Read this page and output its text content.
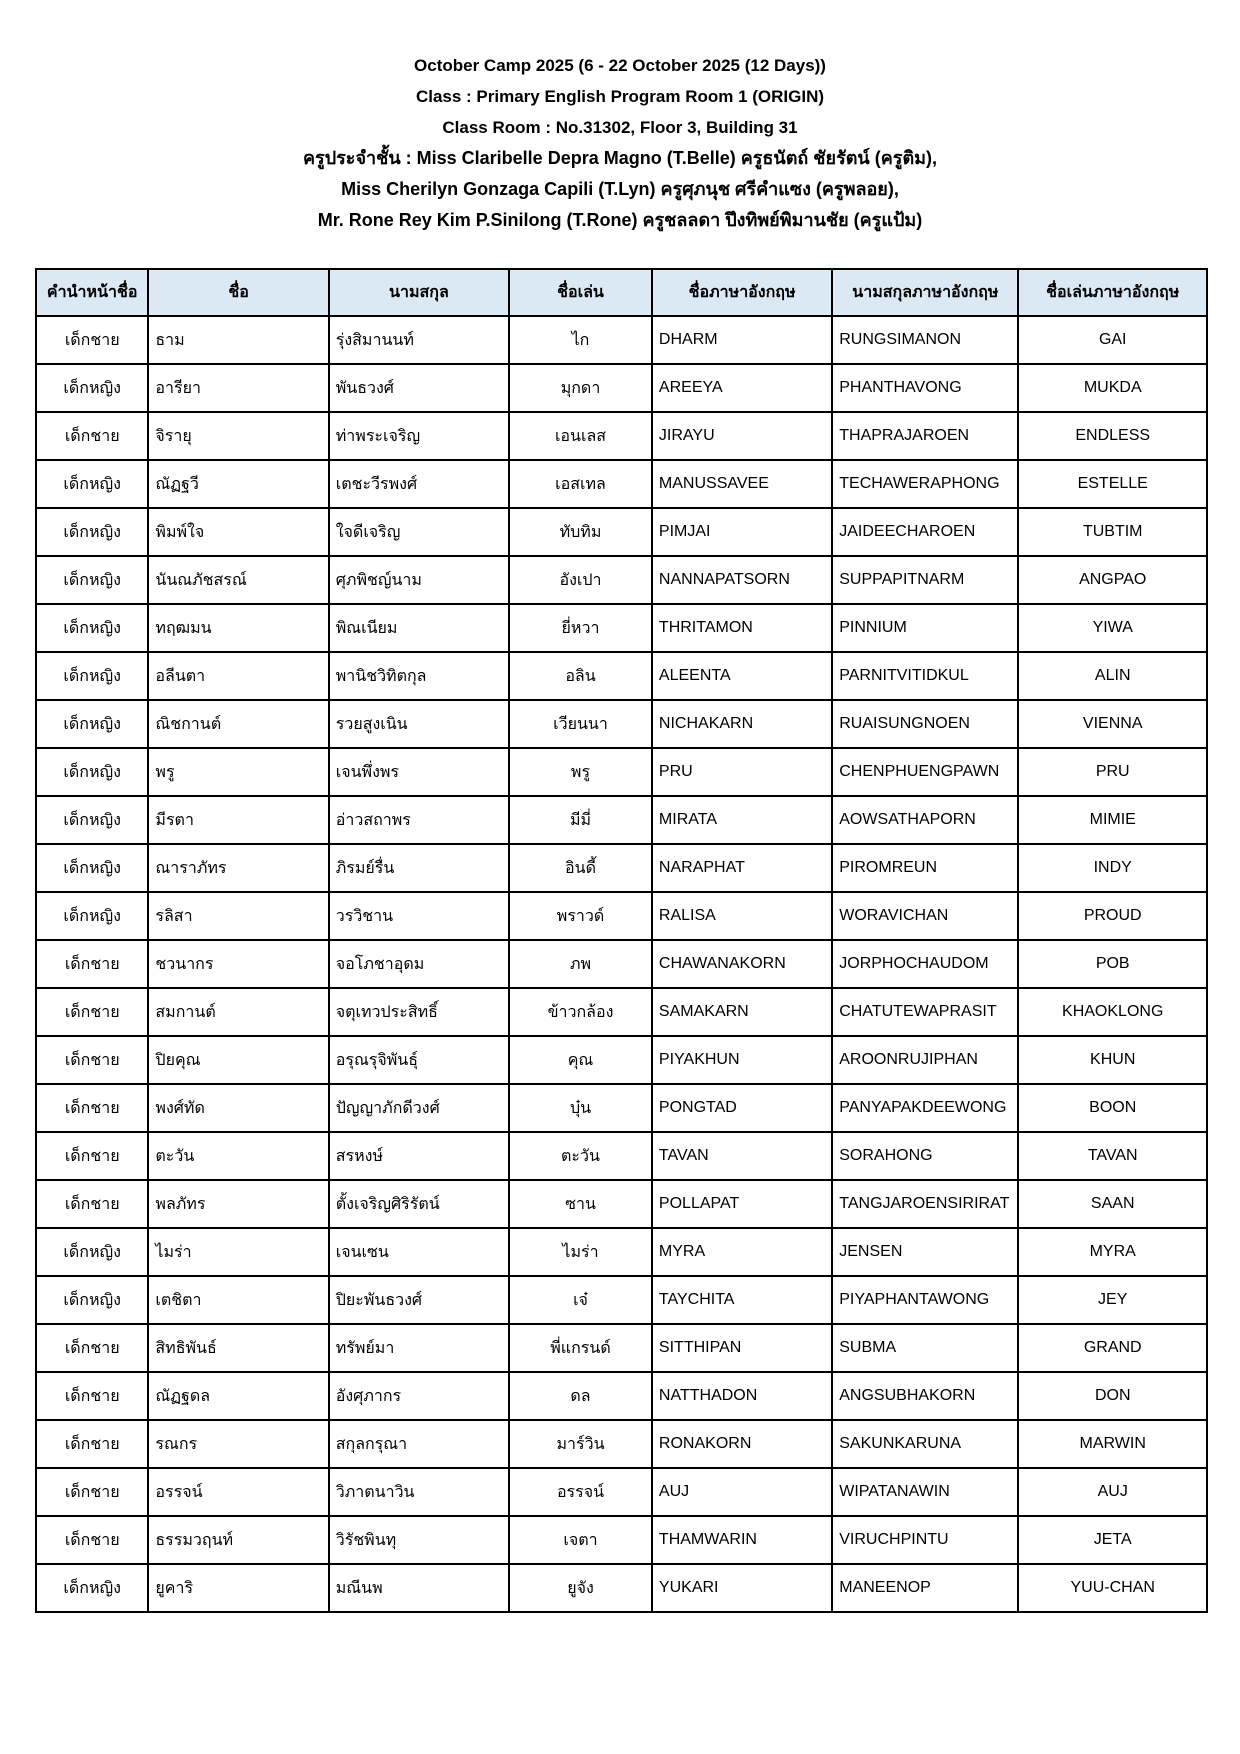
October Camp 2025 (6 - 22 October 2025 (12 Days))
Class : Primary English Program Room 1 (ORIGIN)
Class Room : No.31302, Floor 3, Building 31
ครูประจำชั้น : Miss Claribelle Depra Magno (T.Belle) ครูธนัตถ์ ชัยรัตน์ (ครูติม),
Miss Cherilyn Gonzaga Capili (T.Lyn) ครูศุภนุช ศรีคำแซง (ครูพลอย),
Mr. Rone Rey Kim P.Sinilong (T.Rone) ครูชลลดา ปึงทิพย์พิมานชัย (ครูแป้ม)
คำนำหน้าชื่อ	ชื่อ	นามสกุล	ชื่อเล่น	ชื่อภาษาอังกฤษ	นามสกุลภาษาอังกฤษ	ชื่อเล่นภาษาอังกฤษ
เด็กชาย	ธาม	รุ่งสิมานนท์	ไก	DHARM	RUNGSIMANON	GAI
เด็กหญิง	อารียา	พันธวงศ์	มุกดา	AREEYA	PHANTHAVONG	MUKDA
เด็กชาย	จิรายุ	ท่าพระเจริญ	เอนเลส	JIRAYU	THAPRAJAROEN	ENDLESS
เด็กหญิง	ณัฏฐวี	เตชะวีรพงศ์	เอสเทล	MANUSSAVEE	TECHAWERAPHONG	ESTELLE
เด็กหญิง	พิมพ์ใจ	ใจดีเจริญ	ทับทิม	PIMJAI	JAIDEECHAROEN	TUBTIM
เด็กหญิง	นันณภัชสรณ์	ศุภพิชญ์นาม	อังเปา	NANNAPATSORN	SUPPAPITNARM	ANGPAO
เด็กหญิง	ทฤฒมน	พิณเนียม	ยี่หวา	THRITAMON	PINNIUM	YIWA
เด็กหญิง	อลีนตา	พานิชวิทิตกุล	อลิน	ALEENTA	PARNITVITIDKUL	ALIN
เด็กหญิง	ณิชกานต์	รวยสูงเนิน	เวียนนา	NICHAKARN	RUAISUNGNOEN	VIENNA
เด็กหญิง	พรู	เจนพึ่งพร	พรู	PRU	CHENPHUENGPAWN	PRU
เด็กหญิง	มีรตา	อ่าวสถาพร	มีมี่	MIRATA	AOWSATHAPORN	MIMIE
เด็กหญิง	ณาราภัทร	ภิรมย์รื่น	อินดี้	NARAPHAT	PIROMREUN	INDY
เด็กหญิง	รลิสา	วรวิชาน	พราวด์	RALISA	WORAVICHAN	PROUD
เด็กชาย	ชวนากร	จอโภชาอุดม	ภพ	CHAWANAKORN	JORPHOCHAUDOM	POB
เด็กชาย	สมกานต์	จตุเทวประสิทธิ์	ข้าวกล้อง	SAMAKARN	CHATUTEWAPRASIT	KHAOKLONG
เด็กชาย	ปิยคุณ	อรุณรุจิพันธุ์	คุณ	PIYAKHUN	AROONRUJIPHAN	KHUN
เด็กชาย	พงศ์ทัด	ปัญญาภักดีวงศ์	บุ๋น	PONGTAD	PANYAPAKDEEWONG	BOON
เด็กชาย	ตะวัน	สรหงษ์	ตะวัน	TAVAN	SORAHONG	TAVAN
เด็กชาย	พลภัทร	ตั้งเจริญศิริรัตน์	ซาน	POLLAPAT	TANGJAROENSIRIRAT	SAAN
เด็กหญิง	ไมร่า	เจนเซน	ไมร่า	MYRA	JENSEN	MYRA
เด็กหญิง	เตชิตา	ปิยะพันธวงศ์	เจ๋	TAYCHITA	PIYAPHANTAWONG	JEY
เด็กชาย	สิทธิพันธ์	ทรัพย์มา	พี่แกรนด์	SITTHIPAN	SUBMA	GRAND
เด็กชาย	ณัฏฐดล	อังศุภากร	ดล	NATTHADON	ANGSUBHAKORN	DON
เด็กชาย	รณกร	สกุลกรุณา	มาร์วิน	RONAKORN	SAKUNKARUNA	MARWIN
เด็กชาย	อรรจน์	วิภาตนาวิน	อรรจน์	AUJ	WIPATANAWIN	AUJ
เด็กชาย	ธรรมวฤนท์	วิรัชพินทุ	เจตา	THAMWARIN	VIRUCHPINTU	JETA
เด็กหญิง	ยูคาริ	มณีนพ	ยูจัง	YUKARI	MANEENOP	YUU-CHAN
